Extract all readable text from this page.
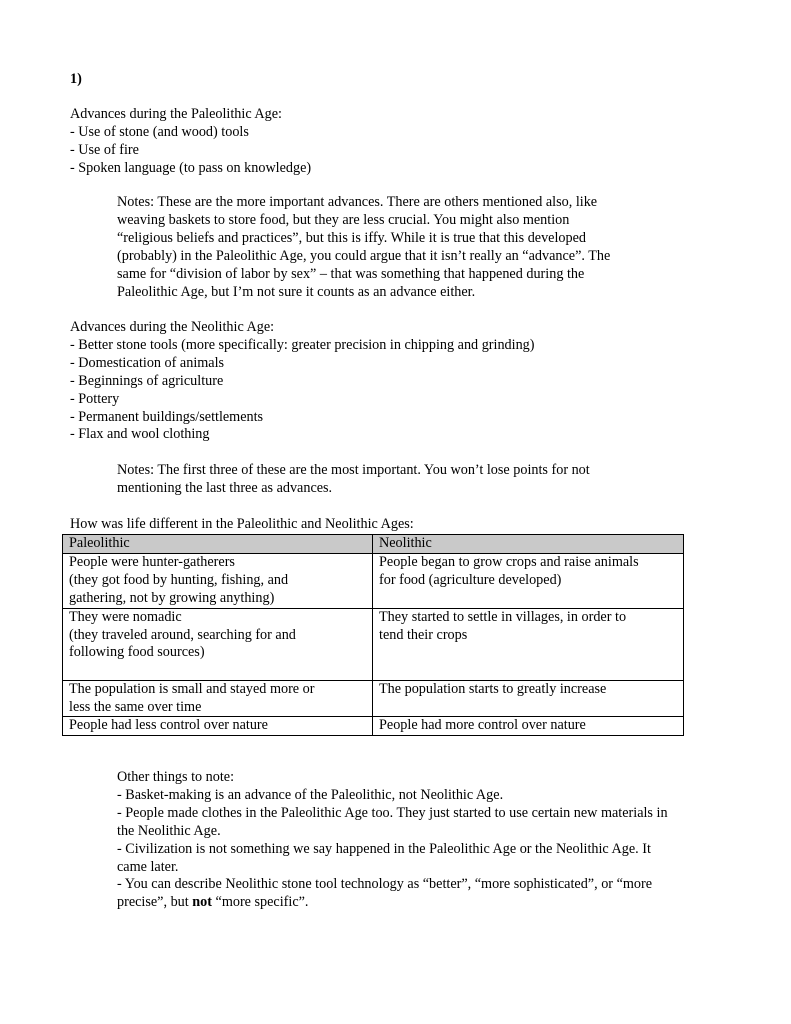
1)
Advances during the Paleolithic Age:
- Use of stone (and wood) tools
- Use of fire
- Spoken language (to pass on knowledge)
Notes: These are the more important advances. There are others mentioned also, like
weaving baskets to store food, but they are less crucial. You might also mention
“religious beliefs and practices”, but this is iffy. While it is true that this developed
(probably) in the Paleolithic Age, you could argue that it isn’t really an “advance”. The
same for “division of labor by sex” – that was something that happened during the
Paleolithic Age, but I’m not sure it counts as an advance either.
Advances during the Neolithic Age:
- Better stone tools (more specifically: greater precision in chipping and grinding)
- Domestication of animals
- Beginnings of agriculture
- Pottery
- Permanent buildings/settlements
- Flax and wool clothing
Notes: The first three of these are the most important. You won’t lose points for not
mentioning the last three as advances.
How was life different in the Paleolithic and Neolithic Ages:
Paleolithic	Neolithic

People were hunter-gatherers
(they got food by hunting, fishing, and
gathering, not by growing anything)	People began to grow crops and raise animals
for food (agriculture developed)

They were nomadic
(they traveled around, searching for and
following food sources)	They started to settle in villages, in order to
tend their crops

The population is small and stayed more or
less the same over time	The population starts to greatly increase

People had less control over nature	People had more control over nature

Other things to note:

- Basket-making is an advance of the Paleolithic, not Neolithic Age.

- People made clothes in the Paleolithic Age too. They just started to use certain new materials in the Neolithic Age.

- Civilization is not something we say happened in the Paleolithic Age or the Neolithic Age. It came later.

- You can describe Neolithic stone tool technology as “better”, “more sophisticated”, or “more precise”, but not “more specific”.
